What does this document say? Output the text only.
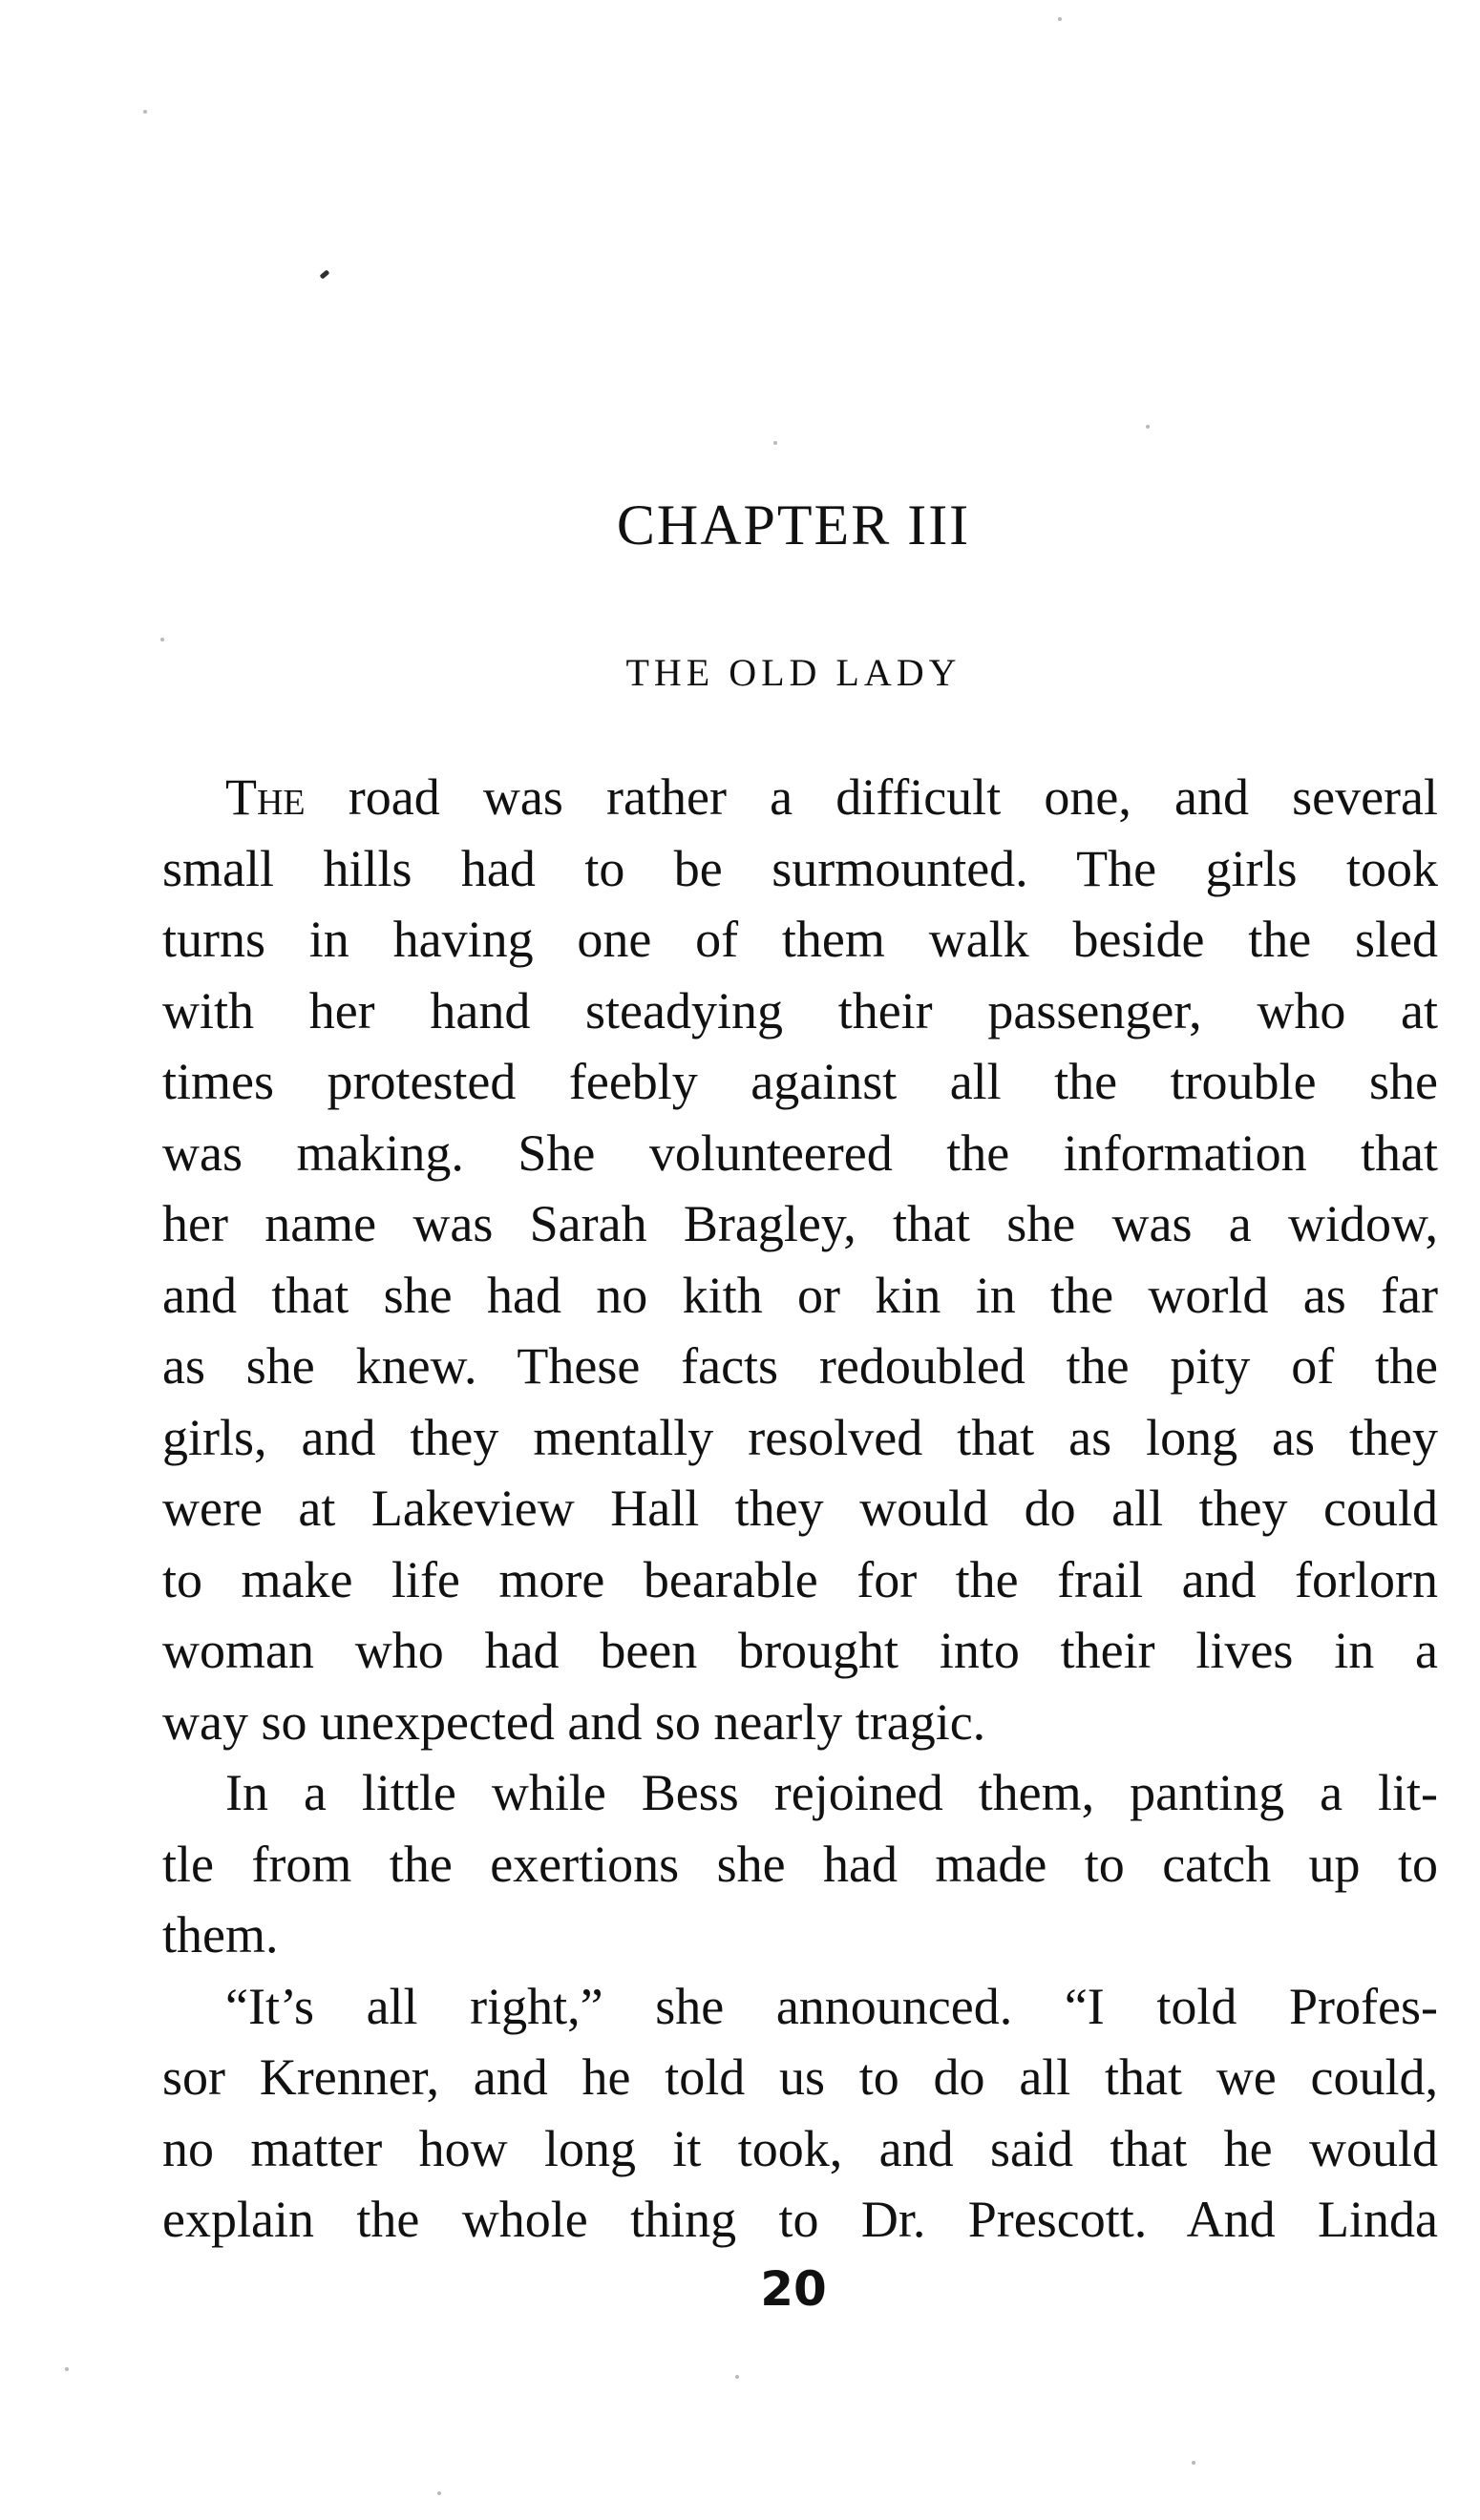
CHAPTER III
THE OLD LADY
The road was rather a difficult one, and several
small hills had to be surmounted. The girls took
turns in having one of them walk beside the sled
with her hand steadying their passenger, who at
times protested feebly against all the trouble she
was making. She volunteered the information that
her name was Sarah Bragley, that she was a widow,
and that she had no kith or kin in the world as far
as she knew. These facts redoubled the pity of the
girls, and they mentally resolved that as long as they
were at Lakeview Hall they would do all they could
to make life more bearable for the frail and forlorn
woman who had been brought into their lives in a
way so unexpected and so nearly tragic.
In a little while Bess rejoined them, panting a lit-
tle from the exertions she had made to catch up to
them.
“It’s all right,” she announced. “I told Profes-
sor Krenner, and he told us to do all that we could,
no matter how long it took, and said that he would
explain the whole thing to Dr. Prescott. And Linda
20
